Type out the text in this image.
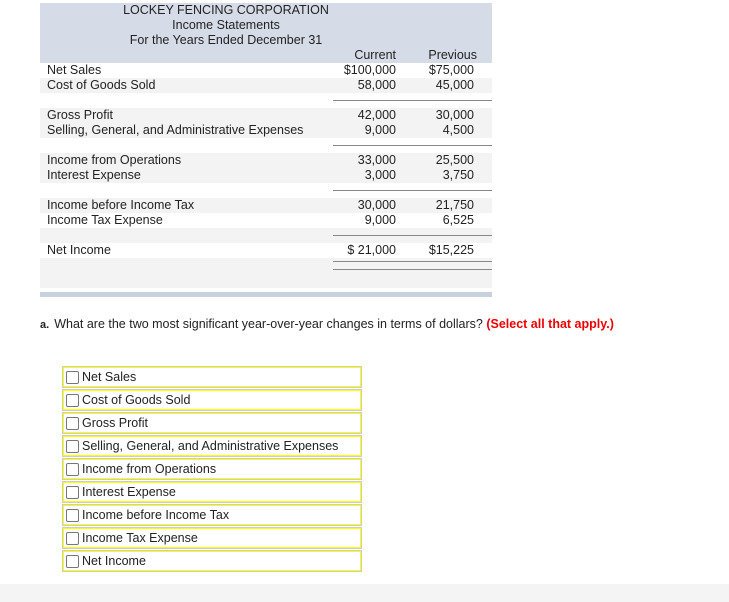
LOCKEY FENCING CORPORATION
Income Statements
For the Years Ended December 31
Current	Previous
Net Sales	$100,000	$75,000
Cost of Goods Sold	58,000	45,000
Gross Profit	42,000	30,000
Selling, General, and Administrative Expenses	9,000	4,500
Income from Operations	33,000	25,500
Interest Expense	3,000	3,750
Income before Income Tax	30,000	21,750
Income Tax Expense	9,000	6,525
Net Income	$ 21,000	$15,225
a. What are the two most significant year-over-year changes in terms of dollars? (Select all that apply.)
Net Sales
Cost of Goods Sold
Gross Profit
Selling, General, and Administrative Expenses
Income from Operations
Interest Expense
Income before Income Tax
Income Tax Expense
Net Income
